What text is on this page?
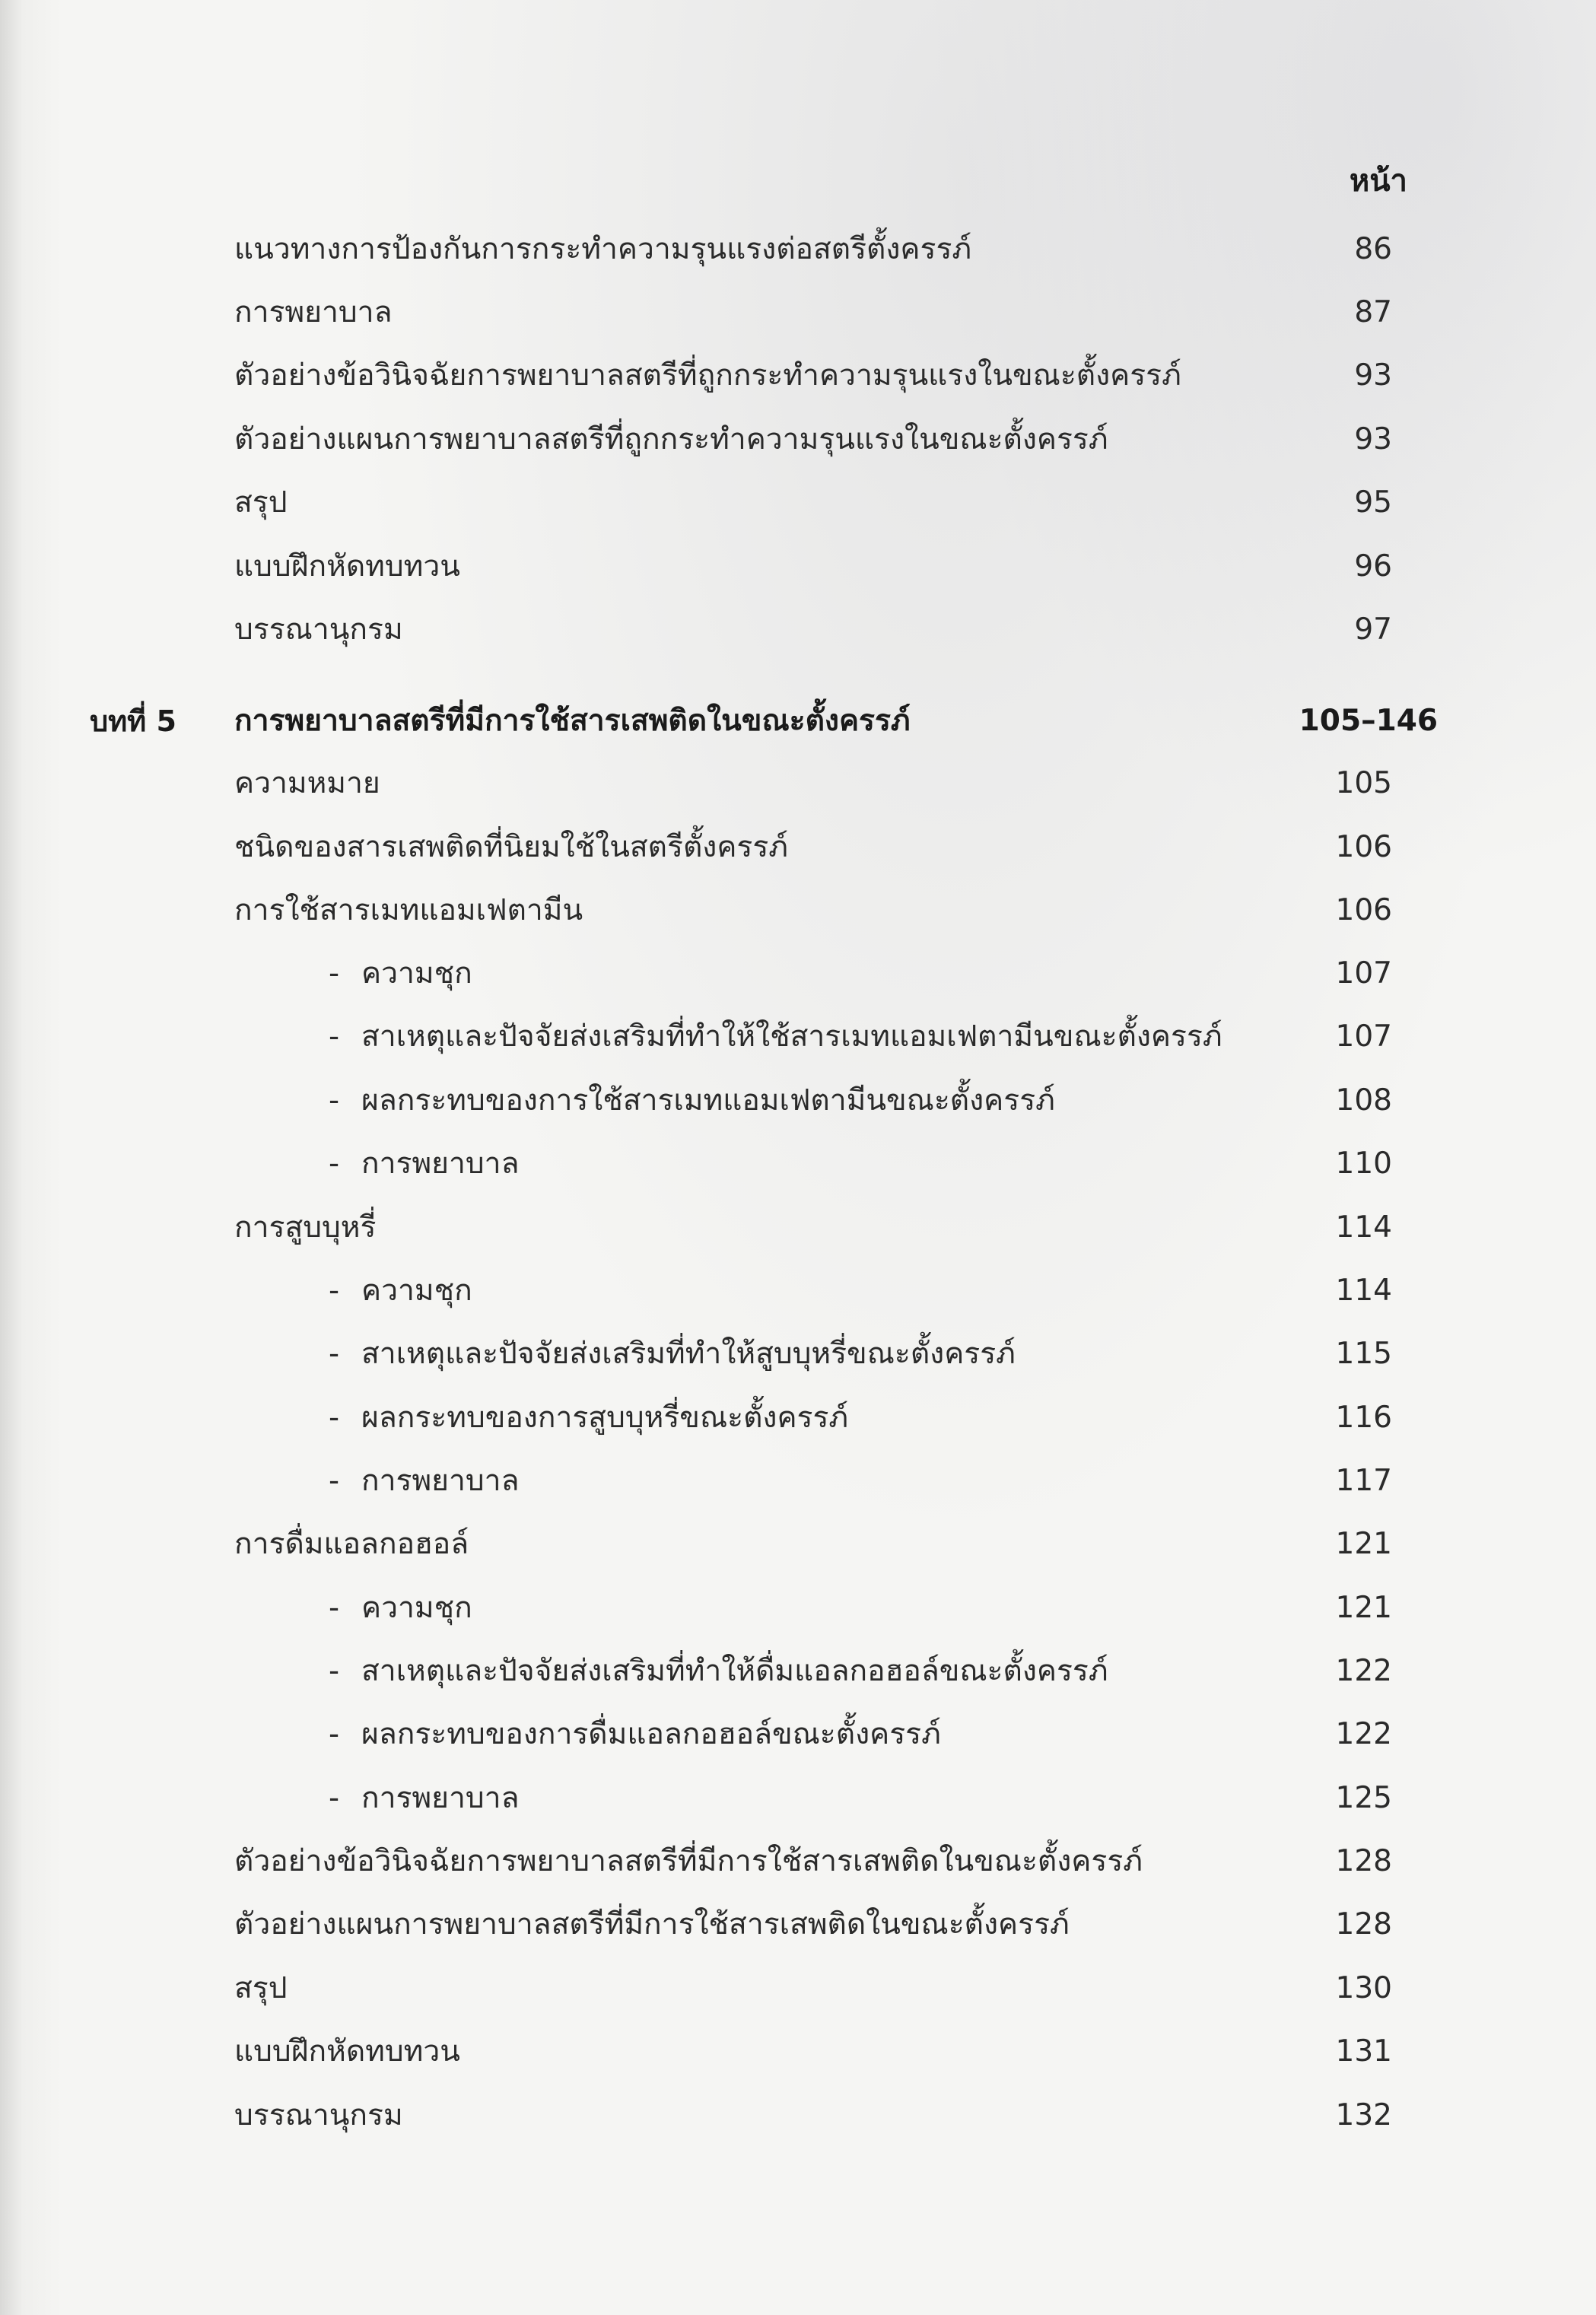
หน้า
แนวทางการป้องกันการกระทำความรุนแรงต่อสตรีตั้งครรภ์	86
การพยาบาล	87
ตัวอย่างข้อวินิจฉัยการพยาบาลสตรีที่ถูกกระทำความรุนแรงในขณะตั้งครรภ์	93
ตัวอย่างแผนการพยาบาลสตรีที่ถูกกระทำความรุนแรงในขณะตั้งครรภ์	93
สรุป	95
แบบฝึกหัดทบทวน	96
บรรณานุกรม	97
บทที่ 5 การพยาบาลสตรีที่มีการใช้สารเสพติดในขณะตั้งครรภ์	105–146
ความหมาย	105
ชนิดของสารเสพติดที่นิยมใช้ในสตรีตั้งครรภ์	106
การใช้สารเมทแอมเฟตามีน	106
- ความชุก	107
- สาเหตุและปัจจัยส่งเสริมที่ทำให้ใช้สารเมทแอมเฟตามีนขณะตั้งครรภ์	107
- ผลกระทบของการใช้สารเมทแอมเฟตามีนขณะตั้งครรภ์	108
- การพยาบาล	110
การสูบบุหรี่	114
- ความชุก	114
- สาเหตุและปัจจัยส่งเสริมที่ทำให้สูบบุหรี่ขณะตั้งครรภ์	115
- ผลกระทบของการสูบบุหรี่ขณะตั้งครรภ์	116
- การพยาบาล	117
การดื่มแอลกอฮอล์	121
- ความชุก	121
- สาเหตุและปัจจัยส่งเสริมที่ทำให้ดื่มแอลกอฮอล์ขณะตั้งครรภ์	122
- ผลกระทบของการดื่มแอลกอฮอล์ขณะตั้งครรภ์	122
- การพยาบาล	125
ตัวอย่างข้อวินิจฉัยการพยาบาลสตรีที่มีการใช้สารเสพติดในขณะตั้งครรภ์	128
ตัวอย่างแผนการพยาบาลสตรีที่มีการใช้สารเสพติดในขณะตั้งครรภ์	128
สรุป	130
แบบฝึกหัดทบทวน	131
บรรณานุกรม	132
